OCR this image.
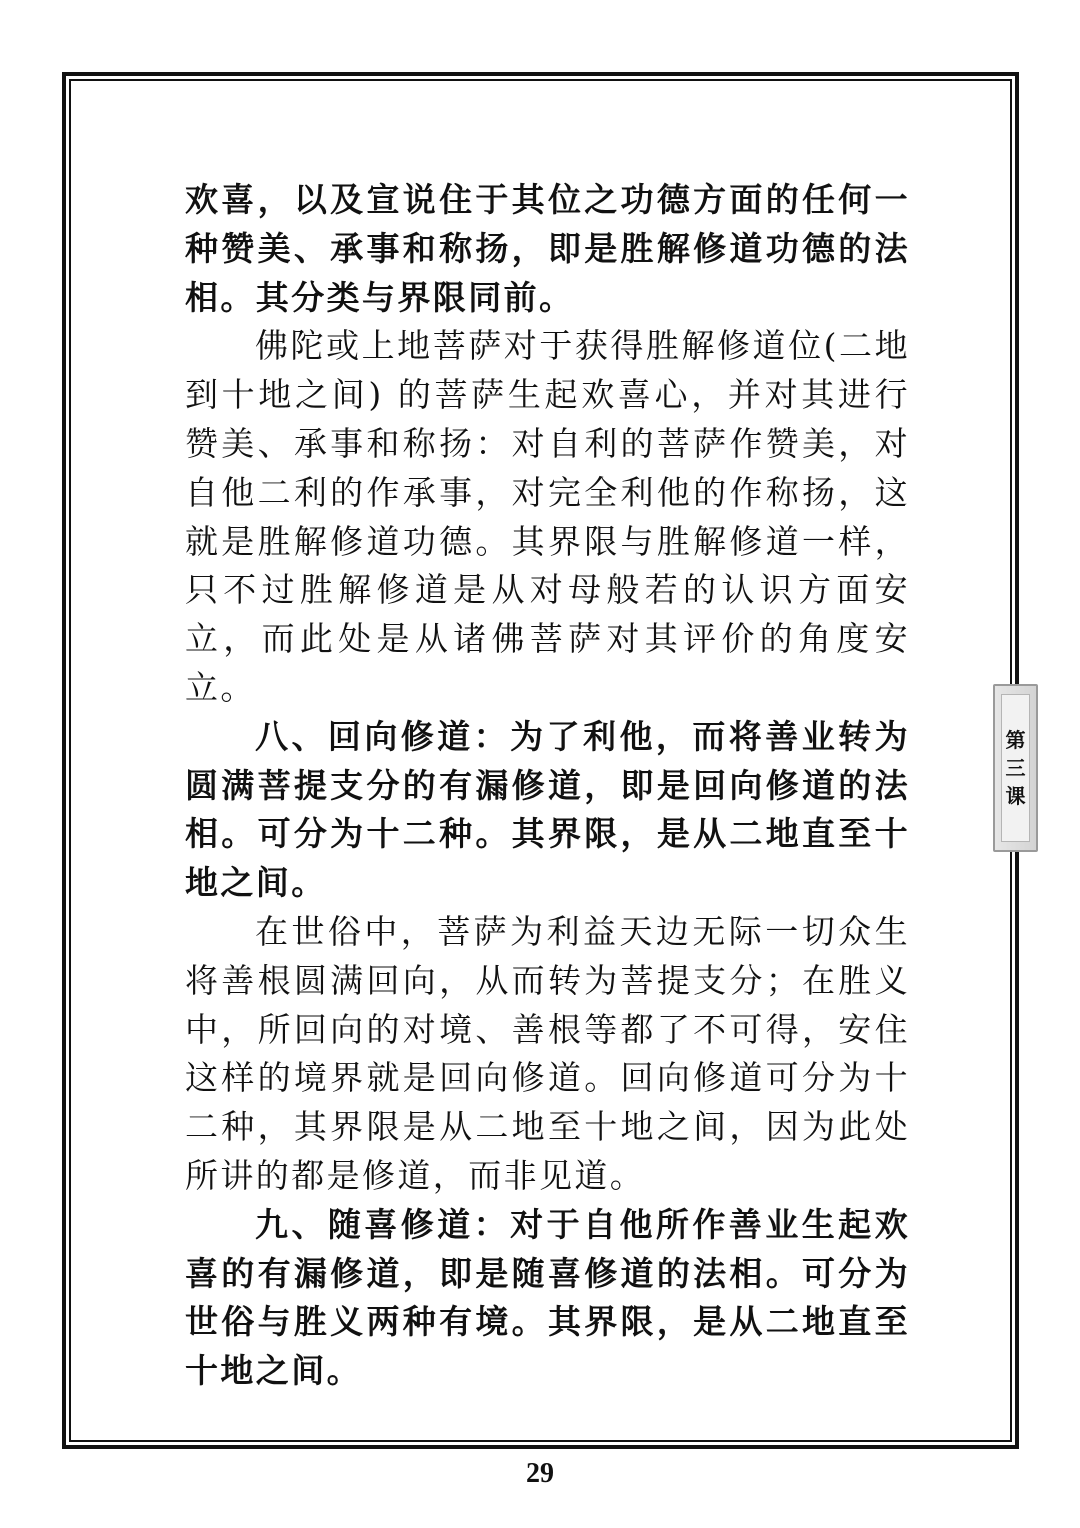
欢喜，以及宣说住于其位之功德方面的任何一种赞美、承事和称扬，即是胜解修道功德的法相。其分类与界限同前。

佛陀或上地菩萨对于获得胜解修道位(二地到十地之间) 的菩萨生起欢喜心，并对其进行赞美、承事和称扬：对自利的菩萨作赞美，对自他二利的作承事，对完全利他的作称扬，这就是胜解修道功德。其界限与胜解修道一样，只不过胜解修道是从对母般若的认识方面安立，而此处是从诸佛菩萨对其评价的角度安立。

八、回向修道：为了利他，而将善业转为圆满菩提支分的有漏修道，即是回向修道的法相。可分为十二种。其界限，是从二地直至十地之间。

在世俗中，菩萨为利益天边无际一切众生将善根圆满回向，从而转为菩提支分；在胜义中，所回向的对境、善根等都了不可得，安住这样的境界就是回向修道。回向修道可分为十二种，其界限是从二地至十地之间，因为此处所讲的都是修道，而非见道。

九、随喜修道：对于自他所作善业生起欢喜的有漏修道，即是随喜修道的法相。可分为世俗与胜义两种有境。其界限，是从二地直至十地之间。

第
三
课
29
